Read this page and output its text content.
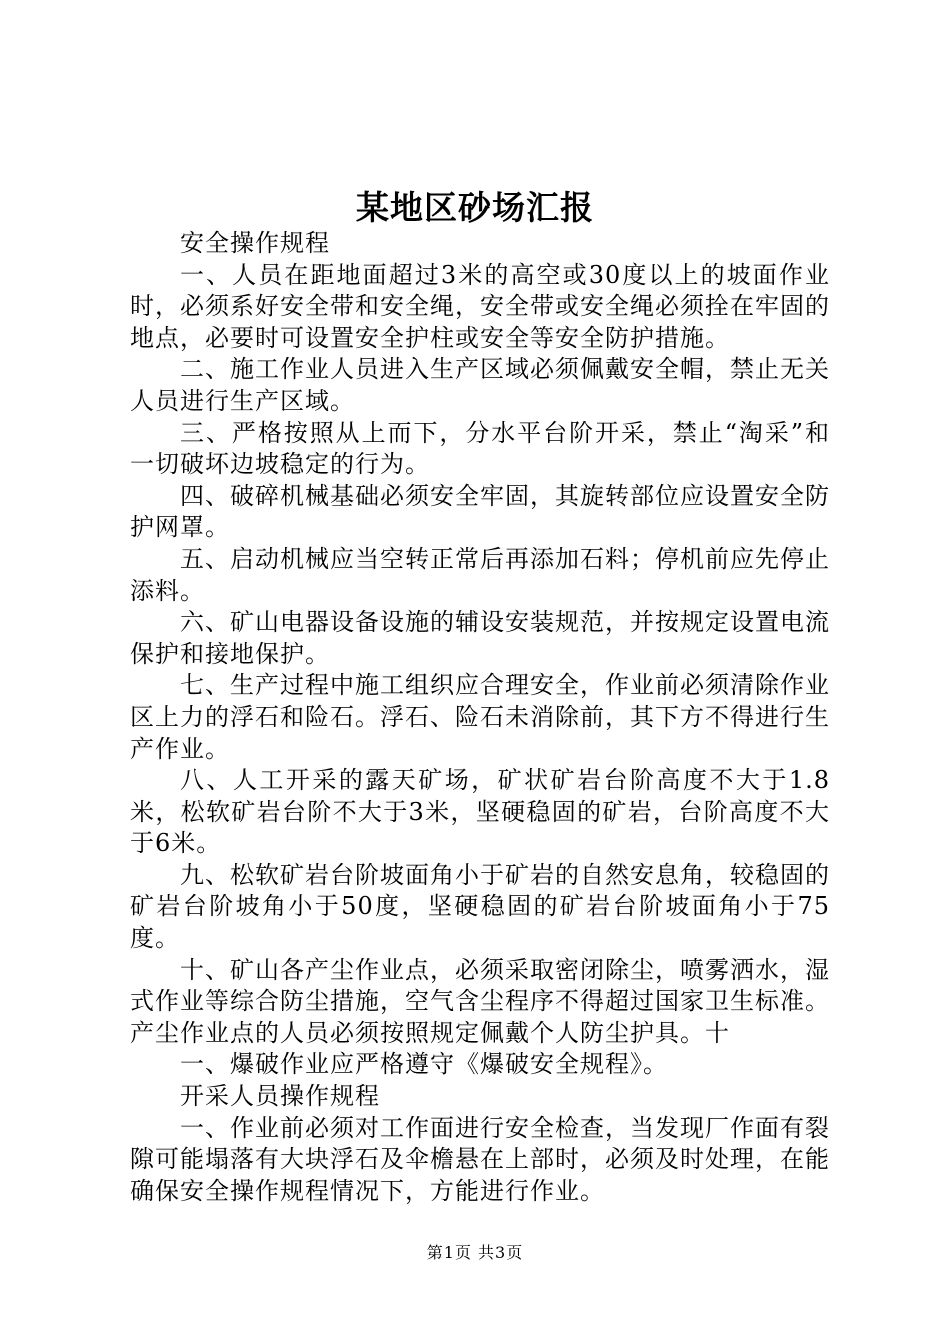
某地区砂场汇报

安全操作规程

一、人员在距地面超过3米的高空或30度以上的坡面作业时，必须系好安全带和安全绳，安全带或安全绳必须拴在牢固的地点，必要时可设置安全护柱或安全等安全防护措施。

二、施工作业人员进入生产区域必须佩戴安全帽，禁止无关人员进行生产区域。

三、严格按照从上而下，分水平台阶开采，禁止“淘采”和一切破坏边坡稳定的行为。

四、破碎机械基础必须安全牢固，其旋转部位应设置安全防护网罩。

五、启动机械应当空转正常后再添加石料；停机前应先停止添料。

六、矿山电器设备设施的辅设安装规范，并按规定设置电流保护和接地保护。

七、生产过程中施工组织应合理安全，作业前必须清除作业区上力的浮石和险石。浮石、险石未消除前，其下方不得进行生产作业。

八、人工开采的露天矿场，矿状矿岩台阶高度不大于1.8米，松软矿岩台阶不大于3米，坚硬稳固的矿岩，台阶高度不大于6米。

九、松软矿岩台阶坡面角小于矿岩的自然安息角，较稳固的矿岩台阶坡角小于50度，坚硬稳固的矿岩台阶坡面角小于75度。

十、矿山各产尘作业点，必须采取密闭除尘，喷雾洒水，湿式作业等综合防尘措施，空气含尘程序不得超过国家卫生标准。产尘作业点的人员必须按照规定佩戴个人防尘护具。十

一、爆破作业应严格遵守《爆破安全规程》。

开采人员操作规程

一、作业前必须对工作面进行安全检查，当发现厂作面有裂隙可能塌落有大块浮石及伞檐悬在上部时，必须及时处理，在能确保安全操作规程情况下，方能进行作业。

第1页 共3页
